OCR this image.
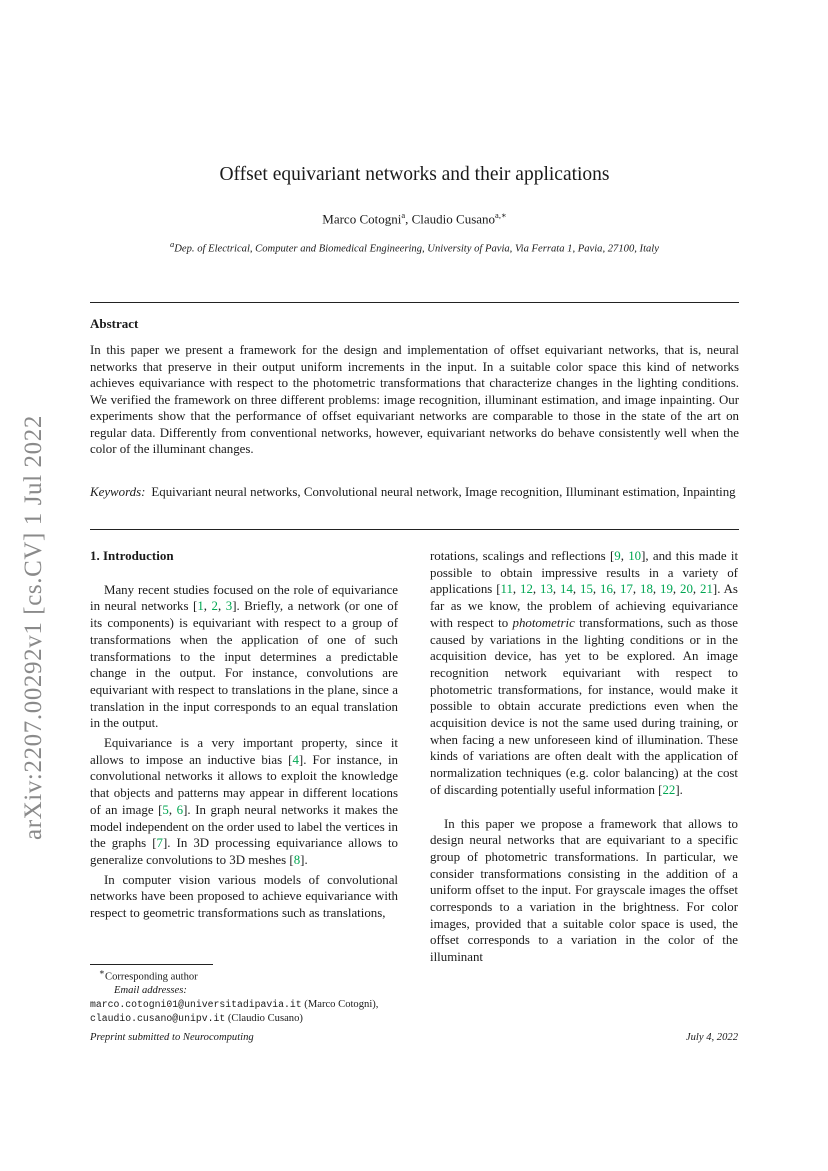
arXiv:2207.00292v1 [cs.CV] 1 Jul 2022
Offset equivariant networks and their applications
Marco Cotogni$^a$, Claudio Cusano$^{a,∗}$
$^a$Dep. of Electrical, Computer and Biomedical Engineering, University of Pavia, Via Ferrata 1, Pavia, 27100, Italy
Abstract
In this paper we present a framework for the design and implementation of offset equivariant networks, that is, neural networks that preserve in their output uniform increments in the input. In a suitable color space this kind of networks achieves equivariance with respect to the photometric transformations that characterize changes in the lighting conditions. We verified the framework on three different problems: image recognition, illuminant estimation, and image inpainting. Our experiments show that the performance of offset equivariant networks are comparable to those in the state of the art on regular data. Differently from conventional networks, however, equivariant networks do behave consistently well when the color of the illuminant changes.
Keywords: Equivariant neural networks, Convolutional neural network, Image recognition, Illuminant estimation, Inpainting

1. Introduction

Many recent studies focused on the role of equivariance in neural networks [1, 2, 3]. Briefly, a network (or one of its components) is equivariant with respect to a group of transformations when the application of one of such transformations to the input determines a predictable change in the output. For instance, convolutions are equivariant with respect to translations in the plane, since a translation in the input corresponds to an equal translation in the output.

Equivariance is a very important property, since it allows to impose an inductive bias [4]. For instance, in convolutional networks it allows to exploit the knowledge that objects and patterns may appear in different locations of an image [5, 6]. In graph neural networks it makes the model independent on the order used to label the vertices in the graphs [7]. In 3D processing equivariance allows to generalize convolutions to 3D meshes [8].

In computer vision various models of convolutional networks have been proposed to achieve equivariance with respect to geometric transformations such as translations,

∗Corresponding author
Email addresses:
marco.cotogni01@universitadipavia.it (Marco Cotogni),
claudio.cusano@unipv.it (Claudio Cusano)
Preprint submitted to Neurocomputing	July 4, 2022

rotations, scalings and reflections [9, 10], and this made it possible to obtain impressive results in a variety of applications [11, 12, 13, 14, 15, 16, 17, 18, 19, 20, 21]. As far as we know, the problem of achieving equivariance with respect to photometric transformations, such as those caused by variations in the lighting conditions or in the acquisition device, has yet to be explored. An image recognition network equivariant with respect to photometric transformations, for instance, would make it possible to obtain accurate predictions even when the acquisition device is not the same used during training, or when facing a new unforeseen kind of illumination. These kinds of variations are often dealt with the application of normalization techniques (e.g. color balancing) at the cost of discarding potentially useful information [22].

In this paper we propose a framework that allows to design neural networks that are equivariant to a specific group of photometric transformations. In particular, we consider transformations consisting in the addition of a uniform offset to the input. For grayscale images the offset corresponds to a variation in the brightness. For color images, provided that a suitable color space is used, the offset corresponds to a variation in the color of the illuminant
